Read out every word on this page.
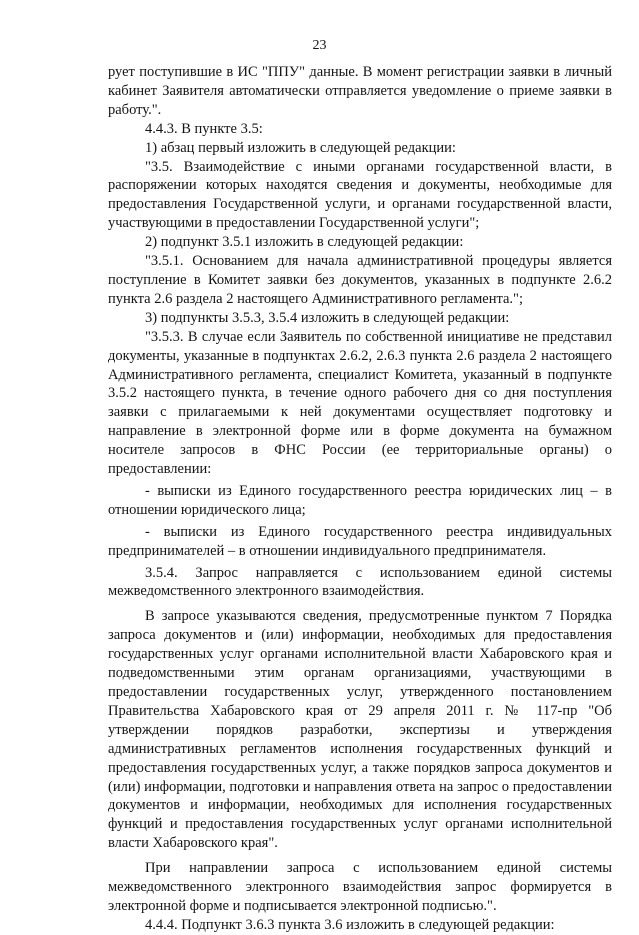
23

рует поступившие в ИС "ППУ" данные. В момент регистрации заявки в личный кабинет Заявителя автоматически отправляется уведомление о приеме заявки в работу.".

4.4.3. В пункте 3.5:

1) абзац первый изложить в следующей редакции:

"3.5. Взаимодействие с иными органами государственной власти, в распоряжении которых находятся сведения и документы, необходимые для предоставления Государственной услуги, и органами государственной власти, участвующими в предоставлении Государственной услуги";

2) подпункт 3.5.1 изложить в следующей редакции:

"3.5.1. Основанием для начала административной процедуры является поступление в Комитет заявки без документов, указанных в подпункте 2.6.2 пункта 2.6 раздела 2 настоящего Административного регламента.";

3) подпункты 3.5.3, 3.5.4 изложить в следующей редакции:

"3.5.3. В случае если Заявитель по собственной инициативе не представил документы, указанные в подпунктах 2.6.2, 2.6.3 пункта 2.6 раздела 2 настоящего Административного регламента, специалист Комитета, указанный в подпункте 3.5.2 настоящего пункта, в течение одного рабочего дня со дня поступления заявки с прилагаемыми к ней документами осуществляет подготовку и направление в электронной форме или в форме документа на бумажном носителе запросов в ФНС России (ее территориальные органы) о предоставлении:

- выписки из Единого государственного реестра юридических лиц – в отношении юридического лица;

- выписки из Единого государственного реестра индивидуальных предпринимателей – в отношении индивидуального предпринимателя.

3.5.4. Запрос направляется с использованием единой системы межведомственного электронного взаимодействия.

В запросе указываются сведения, предусмотренные пунктом 7 Порядка запроса документов и (или) информации, необходимых для предоставления государственных услуг органами исполнительной власти Хабаровского края и подведомственными этим органам организациями, участвующими в предоставлении государственных услуг, утвержденного постановлением Правительства Хабаровского края от 29 апреля 2011 г. № 117-пр "Об утверждении порядков разработки, экспертизы и утверждения административных регламентов исполнения государственных функций и предоставления государственных услуг, а также порядков запроса документов и (или) информации, подготовки и направления ответа на запрос о предоставлении документов и информации, необходимых для исполнения государственных функций и предоставления государственных услуг органами исполнительной власти Хабаровского края".

При направлении запроса с использованием единой системы межведомственного электронного взаимодействия запрос формируется в электронной форме и подписывается электронной подписью.".

4.4.4. Подпункт 3.6.3 пункта 3.6 изложить в следующей редакции:
